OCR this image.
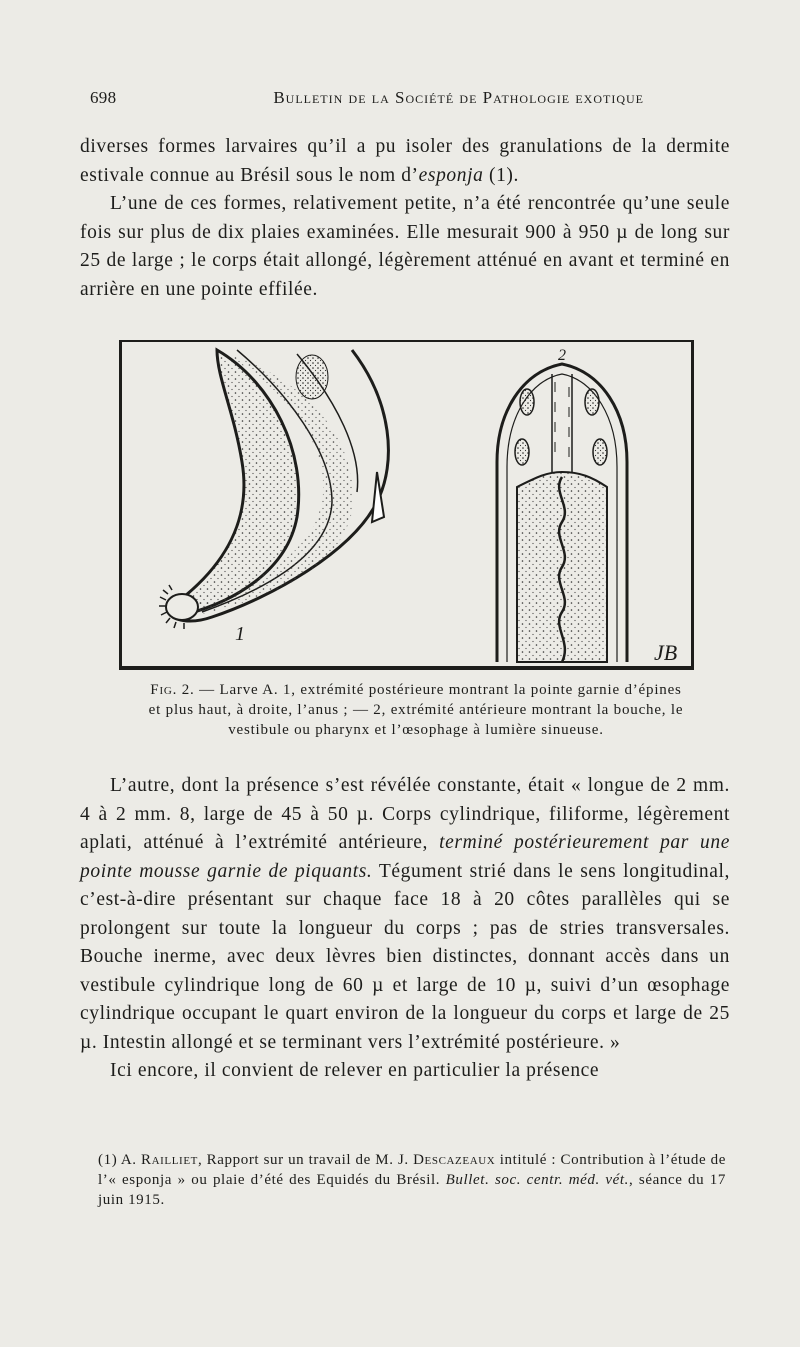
698	Bulletin de la Société de Pathologie exotique

diverses formes larvaires qu’il a pu isoler des granulations de la dermite estivale connue au Brésil sous le nom d’esponja (1).

L’une de ces formes, relativement petite, n’a été rencontrée qu’une seule fois sur plus de dix plaies examinées. Elle mesurait 900 à 950 µ de long sur 25 de large ; le corps était allongé, légèrement atténué en avant et terminé en arrière en une pointe effilée.

1
2
JB
Fig. 2. — Larve A. 1, extrémité postérieure montrant la pointe garnie d’épines et plus haut, à droite, l’anus ; — 2, extrémité antérieure montrant la bouche, le vestibule ou pharynx et l’œsophage à lumière sinueuse.

L’autre, dont la présence s’est révélée constante, était « longue de 2 mm. 4 à 2 mm. 8, large de 45 à 50 µ. Corps cylindrique, filiforme, légèrement aplati, atténué à l’extrémité antérieure, terminé postérieurement par une pointe mousse garnie de piquants. Tégument strié dans le sens longitudinal, c’est-à-dire présentant sur chaque face 18 à 20 côtes parallèles qui se prolongent sur toute la longueur du corps ; pas de stries transversales. Bouche inerme, avec deux lèvres bien distinctes, donnant accès dans un vestibule cylindrique long de 60 µ et large de 10 µ, suivi d’un œsophage cylindrique occupant le quart environ de la longueur du corps et large de 25 µ. Intestin allongé et se terminant vers l’extrémité postérieure. »

Ici encore, il convient de relever en particulier la présence

(1) A. Railliet, Rapport sur un travail de M. J. Descazeaux intitulé : Contribution à l’étude de l’« esponja » ou plaie d’été des Equidés du Brésil. Bullet. soc. centr. méd. vét., séance du 17 juin 1915.
